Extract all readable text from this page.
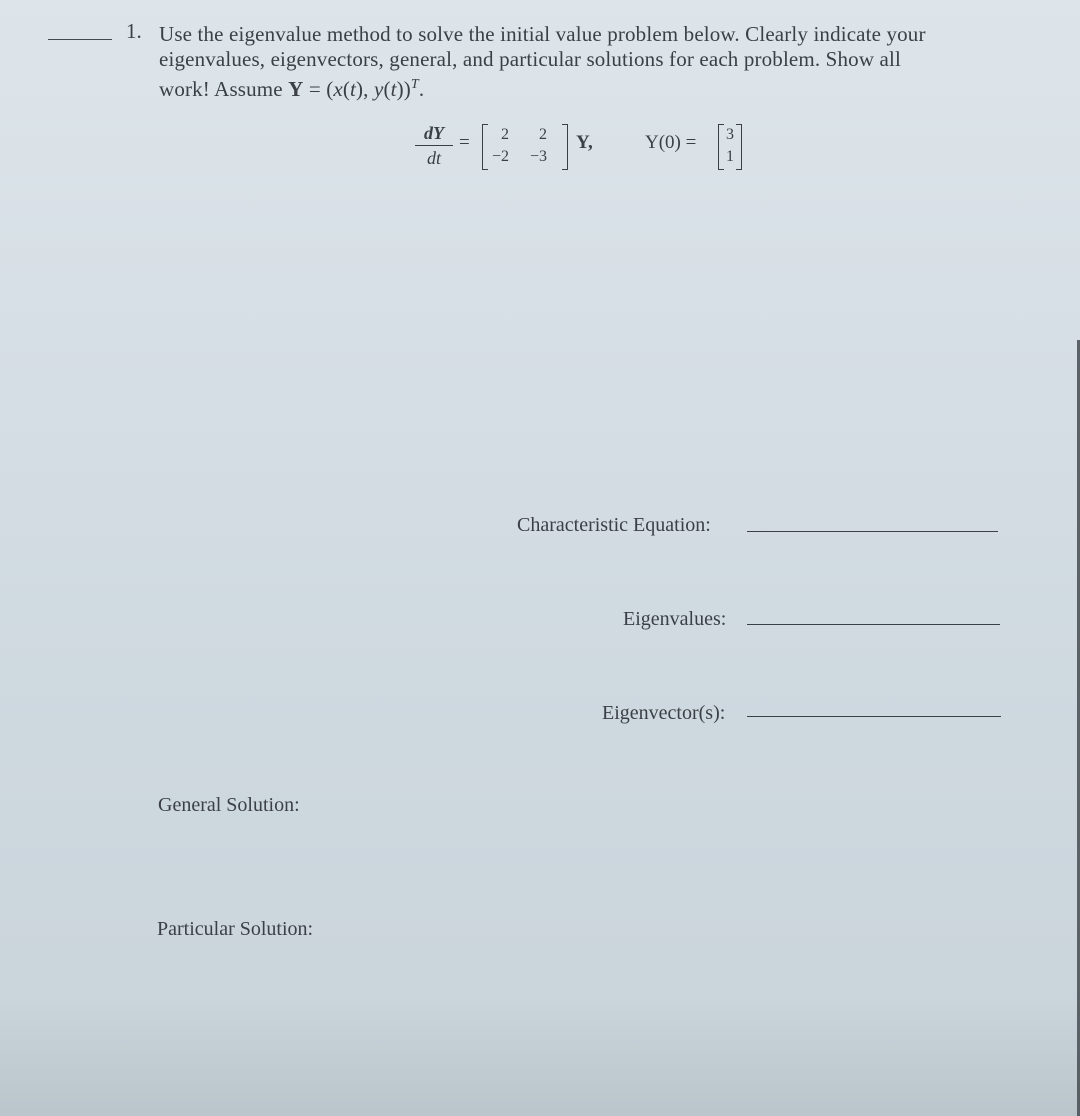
1. Use the eigenvalue method to solve the initial value problem below. Clearly indicate your
eigenvalues, eigenvectors, general, and particular solutions for each problem. Show all
work! Assume Y = (x(t), y(t))$^T$.
dY
dt
= 2 2
−2 −3
Y,	Y(0) = 3
1
Characteristic Equation:
Eigenvalues:
Eigenvector(s):
General Solution:
Particular Solution:
